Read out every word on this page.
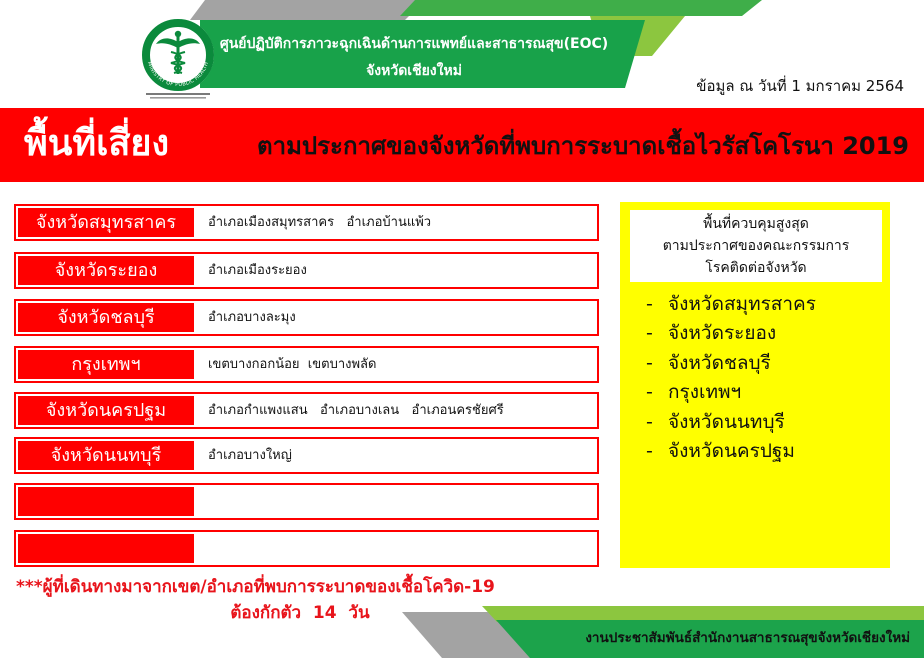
MINISTRY OF PUBLIC HEALTH
ศูนย์ปฏิบัติการภาวะฉุกเฉินด้านการแพทย์และสาธารณสุข(EOC)
จังหวัดเชียงใหม่
ข้อมูล ณ วันที่ 1 มกราคม 2564
พื้นที่เสี่ยง	ตามประกาศของจังหวัดที่พบการระบาดเชื้อไวรัสโคโรนา 2019
จังหวัดสมุทรสาคร	อำเภอเมืองสมุทรสาคร   อำเภอบ้านแพ้ว
จังหวัดระยอง	อำเภอเมืองระยอง
จังหวัดชลบุรี	อำเภอบางละมุง
กรุงเทพฯ	เขตบางกอกน้อย  เขตบางพลัด
จังหวัดนครปฐม	อำเภอกำแพงแสน   อำเภอบางเลน   อำเภอนครชัยศรี
จังหวัดนนทบุรี	อำเภอบางใหญ่
พื้นที่ควบคุมสูงสุด
ตามประกาศของคณะกรรมการ
โรคติดต่อจังหวัด
- จังหวัดสมุทรสาคร
- จังหวัดระยอง
- จังหวัดชลบุรี
- กรุงเทพฯ
- จังหวัดนนทบุรี
- จังหวัดนครปฐม
***ผู้ที่เดินทางมาจากเขต/อำเภอที่พบการระบาดของเชื้อโควิด-19
ต้องกักตัว  14  วัน
งานประชาสัมพันธ์สำนักงานสาธารณสุขจังหวัดเชียงใหม่
